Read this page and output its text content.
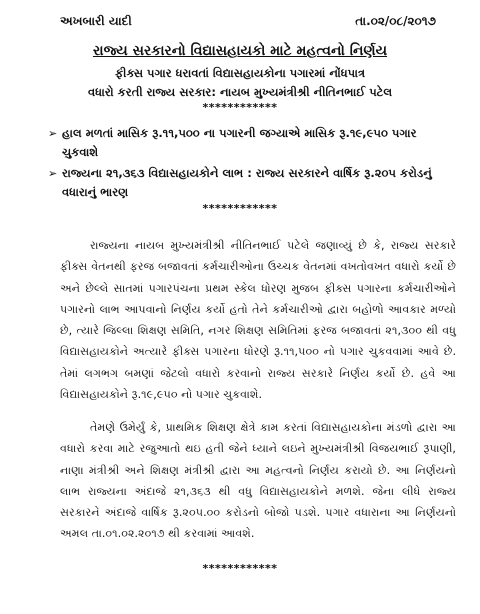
અખબારી યાદી	તા.૦૨/૦૮/૨૦૧૭
રાજ્ય સરકારનો વિદ્યાસહાયકો માટે મહત્વનો નિર્ણય
ફીક્સ પગાર ધરાવતાં વિદ્યાસહાયકોના પગારમાં નોંધપાત્ર
વધારો કરતી રાજ્ય સરકાર: નાયબ મુખ્યમંત્રીશ્રી નીતિનભાઈ પટેલ
************
➢ હાલ મળતાં માસિક રૂ.૧૧,૫૦૦ ના પગારની જગ્યાએ માસિક રૂ.૧૯,૯૫૦ પગાર ચુકવાશે
➢ રાજ્યના ૨૧,૩૬૩ વિદ્યાસહાયકોને લાભ : રાજ્ય સરકારને વાર્ષિક રૂ.૨૦૫ કરોડનું વધારાનું ભારણ
************
રાજ્યના નાયબ મુખ્યમંત્રીશ્રી નીતિનભાઈ પટેલે જણાવ્યું છે કે, રાજ્ય સરકારે ફીક્સ વેતનથી ફરજ બજાવતાં કર્મચારીઓના ઉચ્ચક વેતનમાં વખતોવખત વધારો કર્યો છે અને છેલ્લે સાતમાં પગારપંચના પ્રથમ સ્કેલ ધોરણ મુજબ ફીક્સ પગારના કર્મચારીઓને પગારનો લાભ આપવાનો નિર્ણય કર્યો હતો તેને કર્મચારીઓ દ્વારા બહોળો આવકાર મળ્યો છે, ત્યારે જિલ્લા શિક્ષણ સમિતિ, નગર શિક્ષણ સમિતિમાં ફરજ બજાવતાં ૨૧,૩૦૦ થી વધુ વિદ્યાસહાયકોને અત્યારે ફીક્સ પગારના ધોરણે રૂ.૧૧,૫૦૦ નો પગાર ચુકવવામાં આવે છે. તેમાં લગભગ બમણાં જેટલો વધારો કરવાનો રાજ્ય સરકારે નિર્ણય કર્યો છે. હવે આ વિદ્યાસહાયકોને રૂ.૧૯,૯૫૦ નો પગાર ચુકવાશે.
તેમણે ઉમેર્યું કે, પ્રાથમિક શિક્ષણ ક્ષેત્રે કામ કરતાં વિદ્યાસહાયકોના મંડળો દ્વારા આ વધારો કરવા માટે રજુઆતો થઇ હતી જેને ધ્યાને લઇને મુખ્યમંત્રીશ્રી વિજયભાઈ રૂપાણી, નાણા મંત્રીશ્રી અને શિક્ષણ મંત્રીશ્રી દ્વારા આ મહત્વનો નિર્ણય કરાયો છે. આ નિર્ણયનો લાભ રાજ્યના અંદાજે ૨૧,૩૬૩ થી વધુ વિદ્યાસહાયકોને મળશે. જેના લીધે રાજ્ય સરકારને અંદાજે વાર્ષિક રૂ.૨૦૫.૦૦ કરોડનો બોજો પડશે. પગાર વધારાના આ નિર્ણયનો અમલ તા.૦૧.૦૨.૨૦૧૭ થી કરવામાં આવશે.
************
